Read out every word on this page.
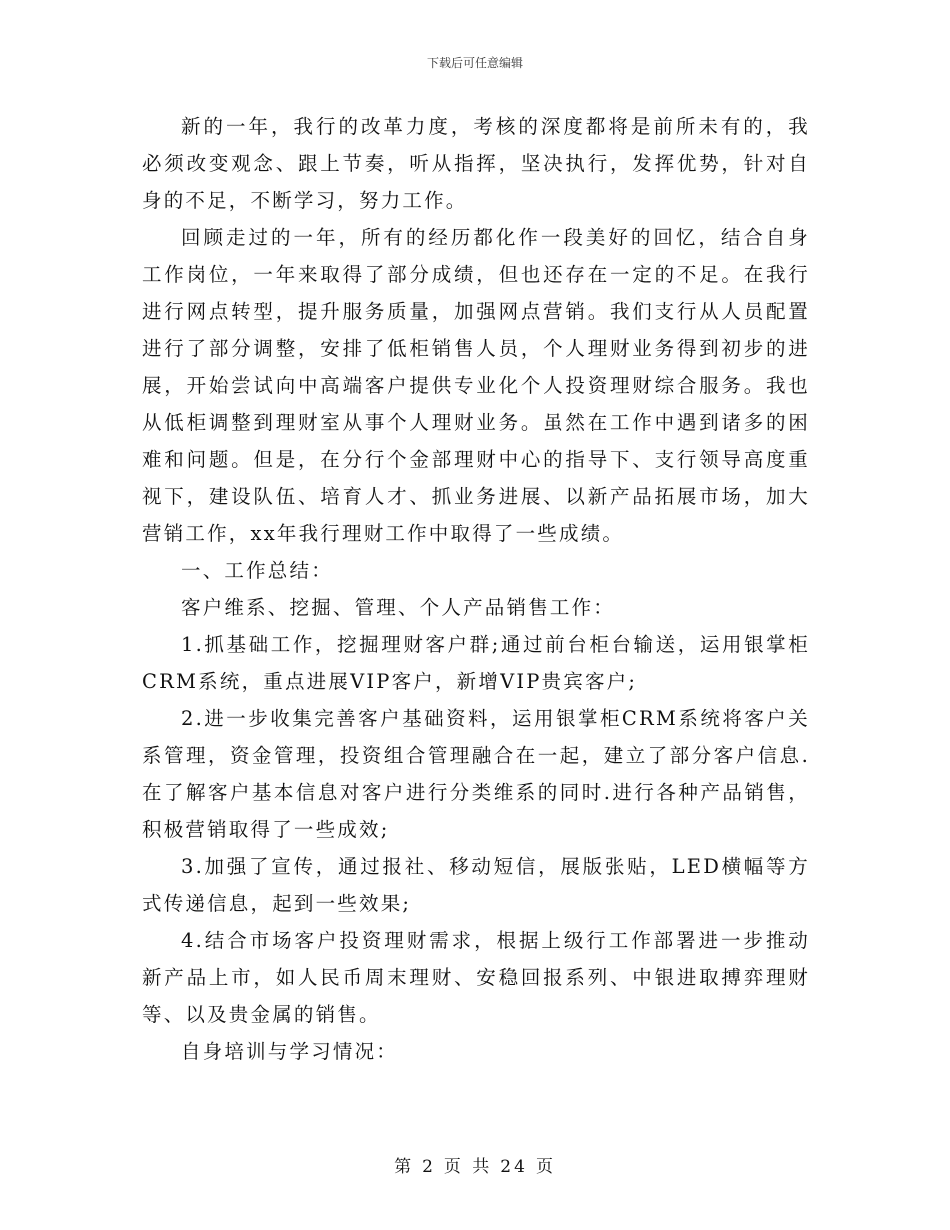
下载后可任意编辑

新的一年，我行的改革力度，考核的深度都将是前所未有的，我必须改变观念、跟上节奏，听从指挥，坚决执行，发挥优势，针对自身的不足，不断学习，努力工作。

回顾走过的一年，所有的经历都化作一段美好的回忆，结合自身工作岗位，一年来取得了部分成绩，但也还存在一定的不足。在我行进行网点转型，提升服务质量，加强网点营销。我们支行从人员配置进行了部分调整，安排了低柜销售人员，个人理财业务得到初步的进展，开始尝试向中高端客户提供专业化个人投资理财综合服务。我也从低柜调整到理财室从事个人理财业务。虽然在工作中遇到诸多的困难和问题。但是，在分行个金部理财中心的指导下、支行领导高度重视下，建设队伍、培育人才、抓业务进展、以新产品拓展市场，加大营销工作，xx年我行理财工作中取得了一些成绩。

一、工作总结：

客户维系、挖掘、管理、个人产品销售工作：

1.抓基础工作，挖掘理财客户群;通过前台柜台输送，运用银掌柜CRM系统，重点进展VIP客户，新增VIP贵宾客户;

2.进一步收集完善客户基础资料，运用银掌柜CRM系统将客户关系管理，资金管理，投资组合管理融合在一起，建立了部分客户信息.在了解客户基本信息对客户进行分类维系的同时.进行各种产品销售，积极营销取得了一些成效;

3.加强了宣传，通过报社、移动短信，展版张贴，LED横幅等方式传递信息，起到一些效果;

4.结合市场客户投资理财需求，根据上级行工作部署进一步推动新产品上市，如人民币周末理财、安稳回报系列、中银进取搏弈理财等、以及贵金属的销售。

自身培训与学习情况：

第 2 页 共 24 页
